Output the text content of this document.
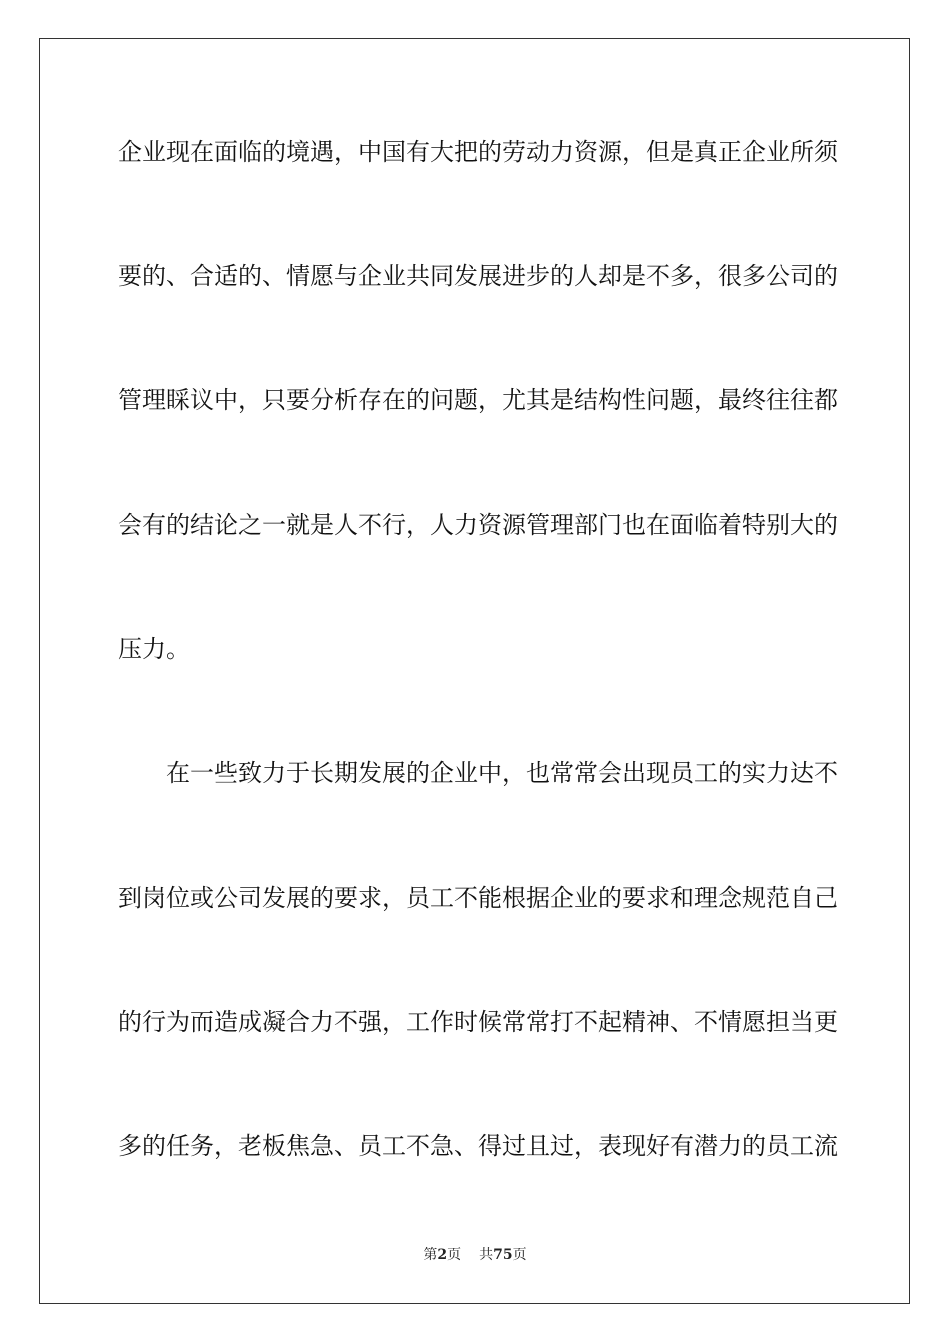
企业现在面临的境遇，中国有大把的劳动力资源，但是真正企业所须
要的、合适的、情愿与企业共同发展进步的人却是不多，很多公司的
管理睬议中，只要分析存在的问题，尤其是结构性问题，最终往往都
会有的结论之一就是人不行，人力资源管理部门也在面临着特别大的
压力。
在一些致力于长期发展的企业中，也常常会出现员工的实力达不
到岗位或公司发展的要求，员工不能根据企业的要求和理念规范自己
的行为而造成凝合力不强，工作时候常常打不起精神、不情愿担当更
多的任务，老板焦急、员工不急、得过且过，表现好有潜力的员工流
第2页 共75页
